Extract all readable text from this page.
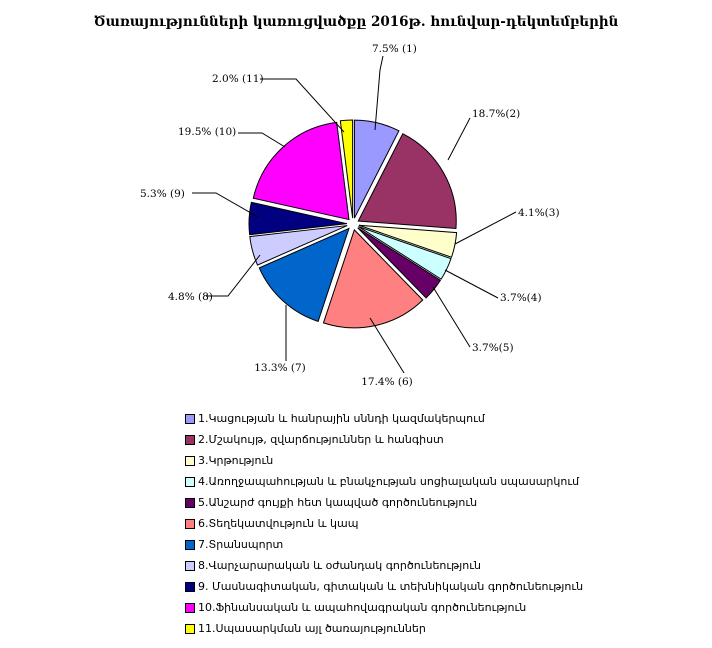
Ծառայությունների կառուցվածքը 2016թ. հունվար-դեկտեմբերին
7.5% (1)
18.7%(2)
4.1%(3)
3.7%(4)
3.7%(5)
17.4% (6)
13.3% (7)
4.8% (8)
5.3% (9)
19.5% (10)
2.0% (11)
1.Կացության և հանրային սննդի կազմակերպում
2.Մշակույթ, զվարճություններ և հանգիստ
3.Կրթություն
4.Առողջապահության և բնակչության սոցիալական սպասարկում
5.Անշարժ գույքի հետ կապված գործունեություն
6.Տեղեկատվություն և կապ
7.Տրանսպորտ
8.Վարչարարական և օժանդակ գործունեություն
9. Մասնագիտական, գիտական և տեխնիկական գործունեություն
10.Ֆինանսական և ապահովագրական գործունեություն
11.Սպասարկման այլ ծառայություններ
